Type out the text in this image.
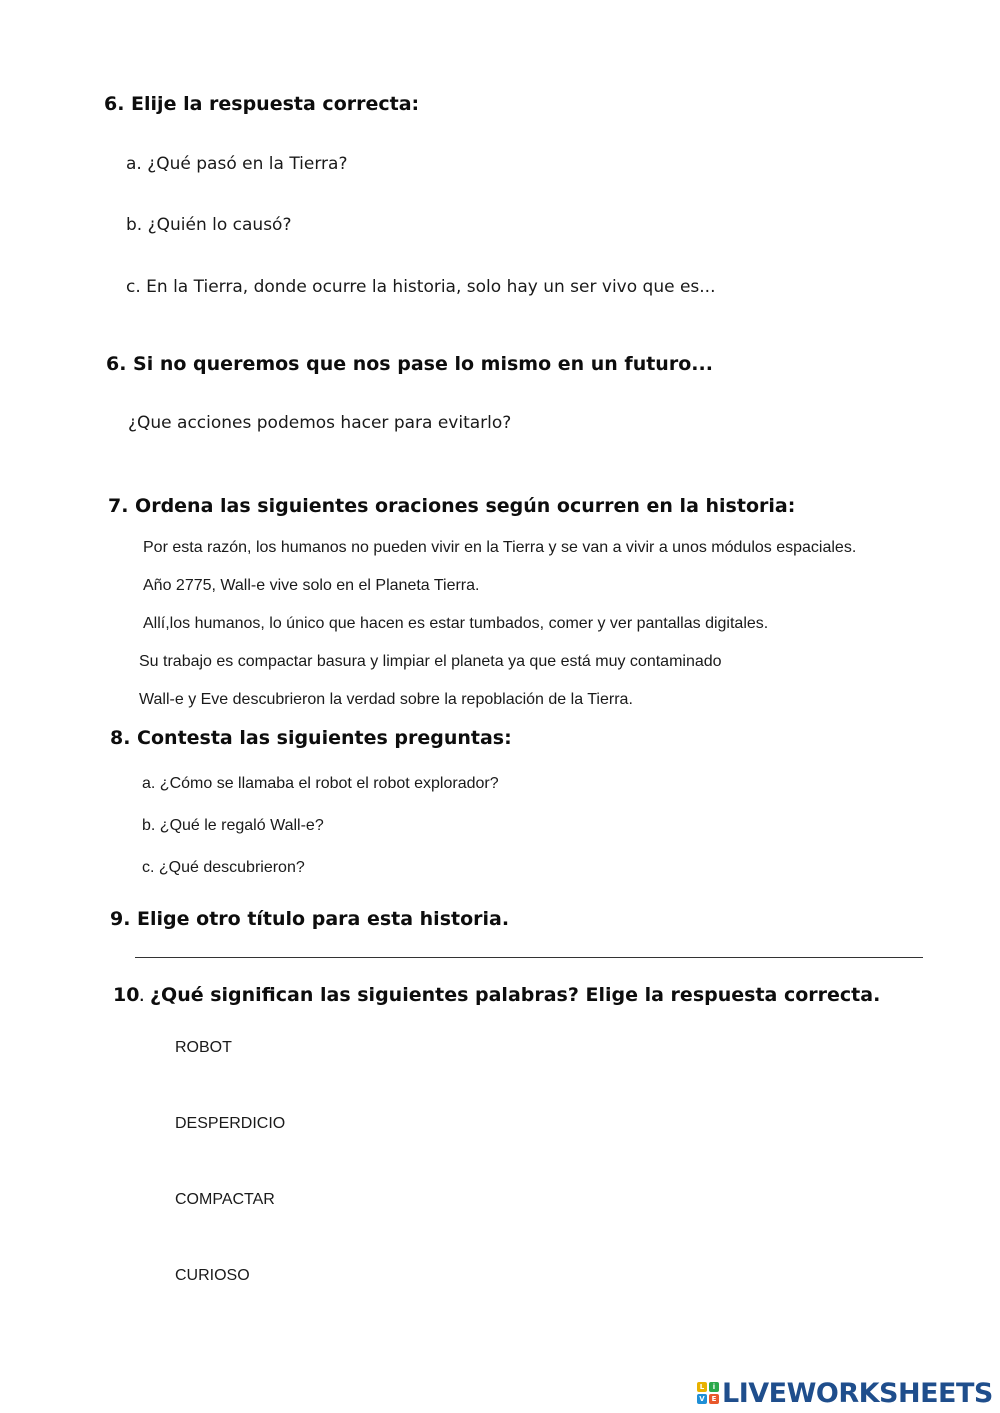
6. Elije la respuesta correcta:
a. ¿Qué pasó en la Tierra?
b. ¿Quién lo causó?
c. En la Tierra, donde ocurre la historia, solo hay un ser vivo que es...
6. Si no queremos que nos pase lo mismo en un futuro...
¿Que acciones podemos hacer para evitarlo?
7. Ordena las siguientes oraciones según ocurren en la historia:
Por esta razón, los humanos no pueden vivir en la Tierra y se van a vivir a unos módulos espaciales.
Año 2775, Wall-e vive solo en el Planeta Tierra.
Allí,los humanos, lo único que hacen es estar tumbados, comer y ver pantallas digitales.
Su trabajo es compactar basura y limpiar el planeta ya que está muy contaminado
Wall-e y Eve descubrieron la verdad sobre la repoblación de la Tierra.
8. Contesta las siguientes preguntas:
a. ¿Cómo se llamaba el robot el robot explorador?
b. ¿Qué le regaló Wall-e?
c. ¿Qué descubrieron?
9. Elige otro título para esta historia.
10. ¿Qué significan las siguientes palabras? Elige la respuesta correcta.
ROBOT
DESPERDICIO
COMPACTAR
CURIOSO
L	i
V E LIVEWORKSHEETS
